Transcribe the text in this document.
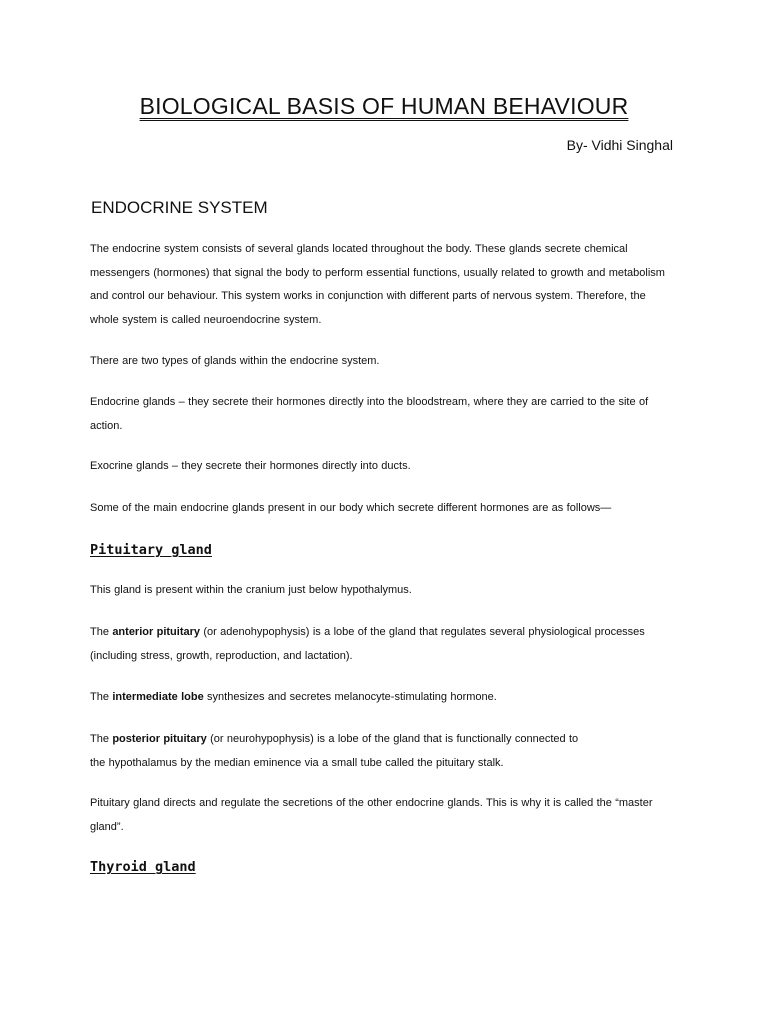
BIOLOGICAL BASIS OF HUMAN BEHAVIOUR
By- Vidhi Singhal
ENDOCRINE SYSTEM
The endocrine system consists of several glands located throughout the body. These glands secrete chemical
messengers (hormones) that signal the body to perform essential functions, usually related to growth and metabolism
and control our behaviour. This system works in conjunction with different parts of nervous system. Therefore, the
whole system is called neuroendocrine system.
There are two types of glands within the endocrine system.
Endocrine glands – they secrete their hormones directly into the bloodstream, where they are carried to the site of
action.
Exocrine glands – they secrete their hormones directly into ducts.
Some of the main endocrine glands present in our body which secrete different hormones are as follows—
Pituitary gland
This gland is present within the cranium just below hypothalymus.
The anterior pituitary (or adenohypophysis) is a lobe of the gland that regulates several physiological processes
(including stress, growth, reproduction, and lactation).
The intermediate lobe synthesizes and secretes melanocyte-stimulating hormone.
The posterior pituitary (or neurohypophysis) is a lobe of the gland that is functionally connected to
the hypothalamus by the median eminence via a small tube called the pituitary stalk.
Pituitary gland directs and regulate the secretions of the other endocrine glands. This is why it is called the “master
gland”.
Thyroid gland
